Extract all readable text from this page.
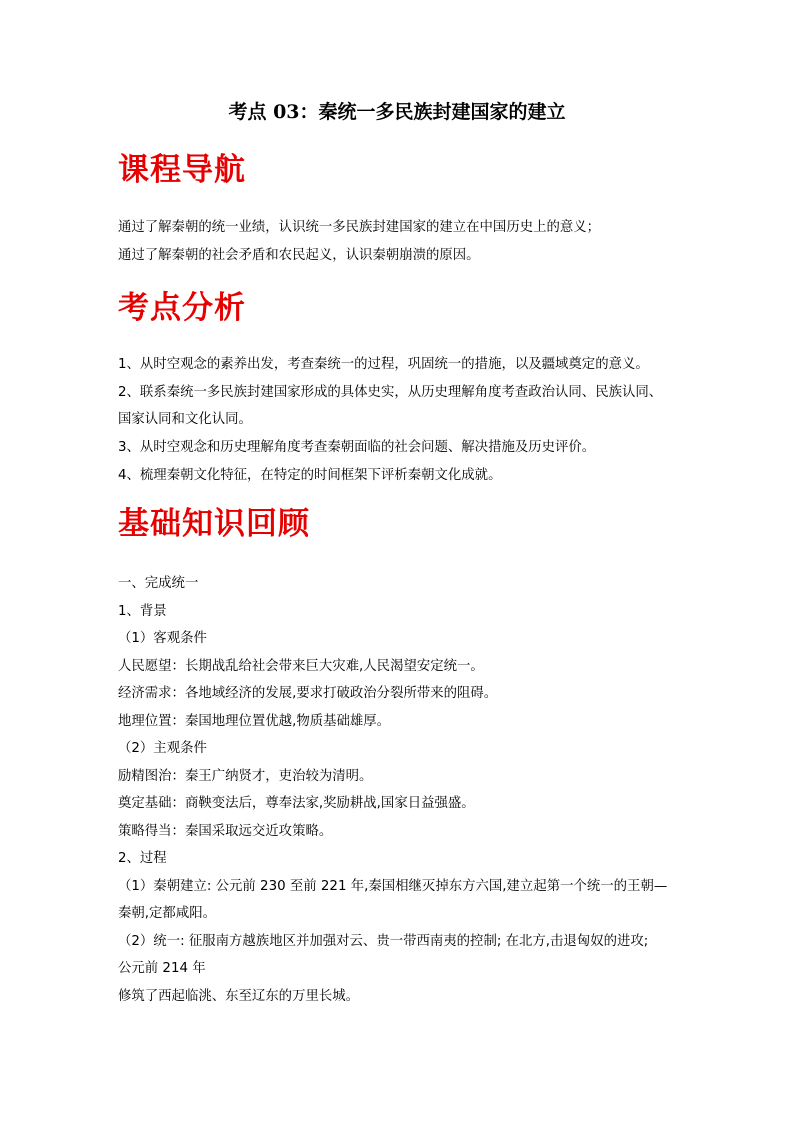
考点 03：秦统一多民族封建国家的建立
课程导航
通过了解秦朝的统一业绩，认识统一多民族封建国家的建立在中国历史上的意义；
通过了解秦朝的社会矛盾和农民起义，认识秦朝崩溃的原因。
考点分析
1、从时空观念的素养出发，考查秦统一的过程，巩固统一的措施，以及疆域奠定的意义。
2、联系秦统一多民族封建国家形成的具体史实，从历史理解角度考查政治认同、民族认同、
国家认同和文化认同。
3、从时空观念和历史理解角度考查秦朝面临的社会问题、解决措施及历史评价。
4、梳理秦朝文化特征，在特定的时间框架下评析秦朝文化成就。
基础知识回顾
一、完成统一
1、背景
（1）客观条件
人民愿望：长期战乱给社会带来巨大灾难,人民渴望安定统一。
经济需求：各地域经济的发展,要求打破政治分裂所带来的阻碍。
地理位置：秦国地理位置优越,物质基础雄厚。
（2）主观条件
励精图治：秦王广纳贤才，吏治较为清明。
奠定基础：商鞅变法后，尊奉法家,奖励耕战,国家日益强盛。
策略得当：秦国采取远交近攻策略。
2、过程
（1）秦朝建立: 公元前 230 至前 221 年,秦国相继灭掉东方六国,建立起第一个统一的王朝—
秦朝,定都咸阳。
（2）统一: 征服南方越族地区并加强对云、贵一带西南夷的控制; 在北方,击退匈奴的进攻;
公元前 214 年
修筑了西起临洮、东至辽东的万里长城。
